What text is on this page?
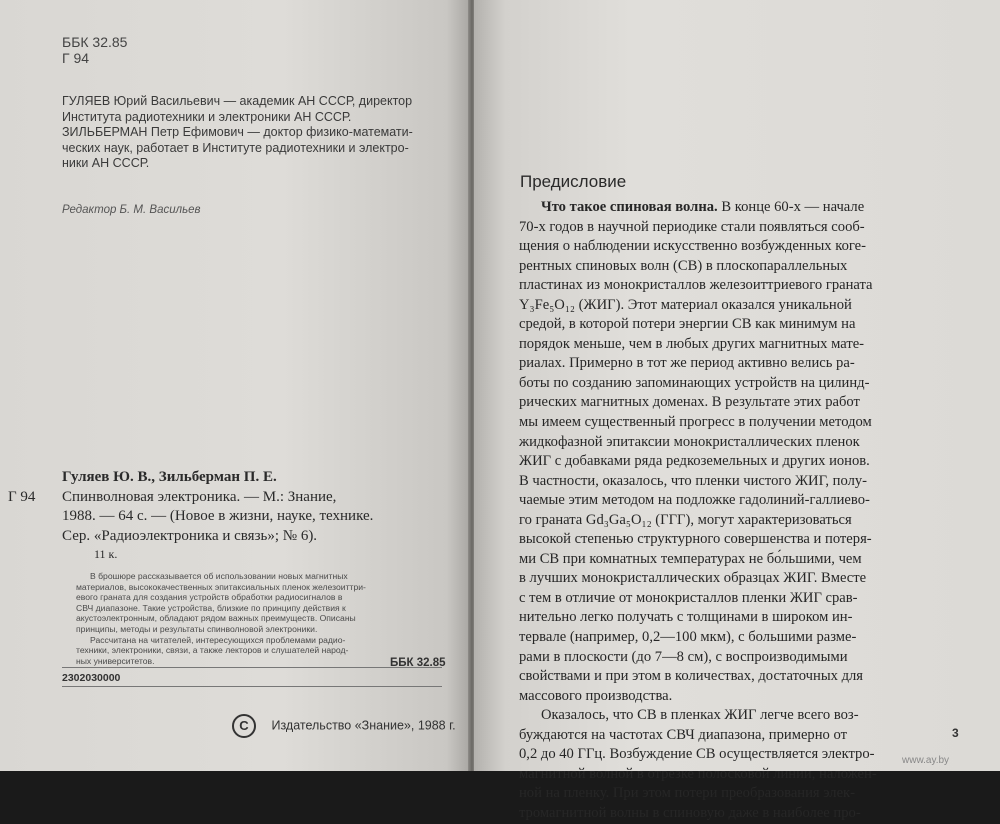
ББК 32.85
Г 94
ГУЛЯЕВ Юрий Васильевич — академик АН СССР, директор
Института радиотехники и электроники АН СССР.
ЗИЛЬБЕРМАН Петр Ефимович — доктор физико-математи-
ческих наук, работает в Институте радиотехники и электро-
ники АН СССР.
Редактор Б. М. Васильев
Гуляев Ю. В., Зильберман П. Е.
Г 94	Спинволновая электроника. — М.: Знание,
1988. — 64 с. — (Новое в жизни, науке, технике.
Сер. «Радиоэлектроника и связь»; № 6).
11 к.
В брошюре рассказывается об использовании новых магнитных
материалов, высококачественных эпитаксиальных пленок железоиттри-
евого граната для создания устройств обработки радиосигналов в
СВЧ диапазоне. Такие устройства, близкие по принципу действия к
акустоэлектронным, обладают рядом важных преимуществ. Описаны
принципы, методы и результаты спинволновой электроники.
Рассчитана на читателей, интересующихся проблемами радио-
техники, электроники, связи, а также лекторов и слушателей народ-
ных университетов.	ББК 32.85
2302030000
C Издательство «Знание», 1988 г.
Предисловие
Что такое спиновая волна. В конце 60-х — начале
70-х годов в научной периодике стали появляться сооб-
щения о наблюдении искусственно возбужденных коге-
рентных спиновых волн (СВ) в плоскопараллельных
пластинах из монокристаллов железоиттриевого граната
Y₃Fe₅O₁₂ (ЖИГ). Этот материал оказался уникальной
средой, в которой потери энергии СВ как минимум на
порядок меньше, чем в любых других магнитных мате-
риалах. Примерно в тот же период активно велись ра-
боты по созданию запоминающих устройств на цилинд-
рических магнитных доменах. В результате этих работ
мы имеем существенный прогресс в получении методом
жидкофазной эпитаксии монокристаллических пленок
ЖИГ с добавками ряда редкоземельных и других ионов.
В частности, оказалось, что пленки чистого ЖИГ, полу-
чаемые этим методом на подложке гадолиний-галлиево-
го граната Gd₃Ga₅O₁₂ (ГГГ), могут характеризоваться
высокой степенью структурного совершенства и потеря-
ми СВ при комнатных температурах не бо́льшими, чем
в лучших монокристаллических образцах ЖИГ. Вместе
с тем в отличие от монокристаллов пленки ЖИГ срав-
нительно легко получать с толщинами в широком ин-
тервале (например, 0,2—100 мкм), с большими разме-
рами в плоскости (до 7—8 см), с воспроизводимыми
свойствами и при этом в количествах, достаточных для
массового производства.
Оказалось, что СВ в пленках ЖИГ легче всего воз-
буждаются на частотах СВЧ диапазона, примерно от
0,2 до 40 ГГц. Возбуждение СВ осуществляется электро-
магнитной волной в отрезке полосковой линии, наложен-
ной на пленку. При этом потери преобразования элек-
тромагнитной волны в спиновую даже в наиболее про-
3
www.ay.by
